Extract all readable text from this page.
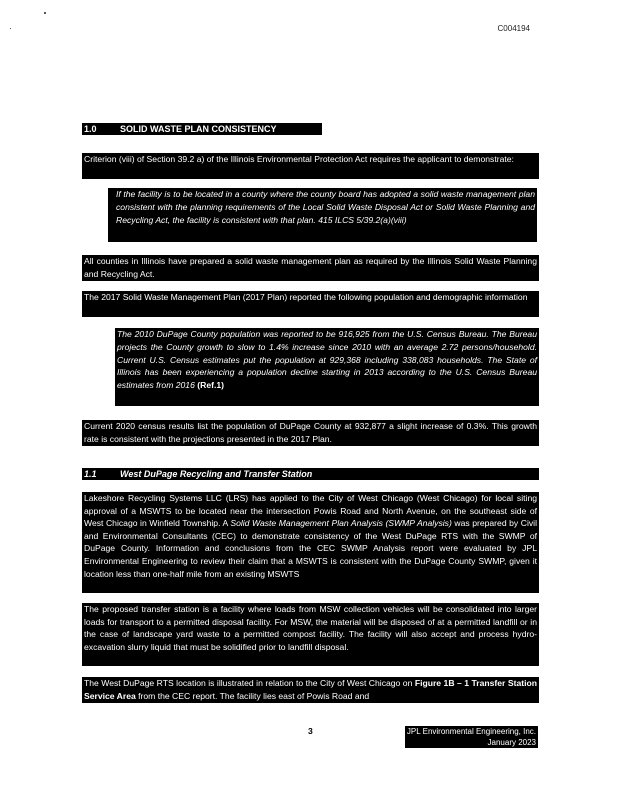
C004194
1.0	SOLID WASTE PLAN CONSISTENCY
Criterion (viii) of Section 39.2 a) of the Illinois Environmental Protection Act requires the applicant to demonstrate:
If the facility is to be located in a county where the county board has adopted a solid waste management plan consistent with the planning requirements of the Local Solid Waste Disposal Act or Solid Waste Planning and Recycling Act, the facility is consistent with that plan. 415 ILCS 5/39.2(a)(viii)
All counties in Illinois have prepared a solid waste management plan as required by the Illinois Solid Waste Planning and Recycling Act.
The 2017 Solid Waste Management Plan (2017 Plan) reported the following population and demographic information
The 2010 DuPage County population was reported to be 916,925 from the U.S. Census Bureau. The Bureau projects the County growth to slow to 1.4% increase since 2010 with an average 2.72 persons/household. Current U.S. Census estimates put the population at 929,368 including 338,083 households. The State of Illinois has been experiencing a population decline starting in 2013 according to the U.S. Census Bureau estimates from 2016 (Ref.1)
Current 2020 census results list the population of DuPage County at 932,877 a slight increase of 0.3%. This growth rate is consistent with the projections presented in the 2017 Plan.
1.1	West DuPage Recycling and Transfer Station
Lakeshore Recycling Systems LLC (LRS) has applied to the City of West Chicago (West Chicago) for local siting approval of a MSWTS to be located near the intersection Powis Road and North Avenue, on the southeast side of West Chicago in Winfield Township. A Solid Waste Management Plan Analysis (SWMP Analysis) was prepared by Civil and Environmental Consultants (CEC) to demonstrate consistency of the West DuPage RTS with the SWMP of DuPage County. Information and conclusions from the CEC SWMP Analysis report were evaluated by JPL Environmental Engineering to review their claim that a MSWTS is consistent with the DuPage County SWMP, given it location less than one-half mile from an existing MSWTS
The proposed transfer station is a facility where loads from MSW collection vehicles will be consolidated into larger loads for transport to a permitted disposal facility. For MSW, the material will be disposed of at a permitted landfill or in the case of landscape yard waste to a permitted compost facility. The facility will also accept and process hydro-excavation slurry liquid that must be solidified prior to landfill disposal.
The West DuPage RTS location is illustrated in relation to the City of West Chicago on Figure 1B – 1 Transfer Station Service Area from the CEC report. The facility lies east of Powis Road and
3	JPL Environmental Engineering, Inc.
January 2023
